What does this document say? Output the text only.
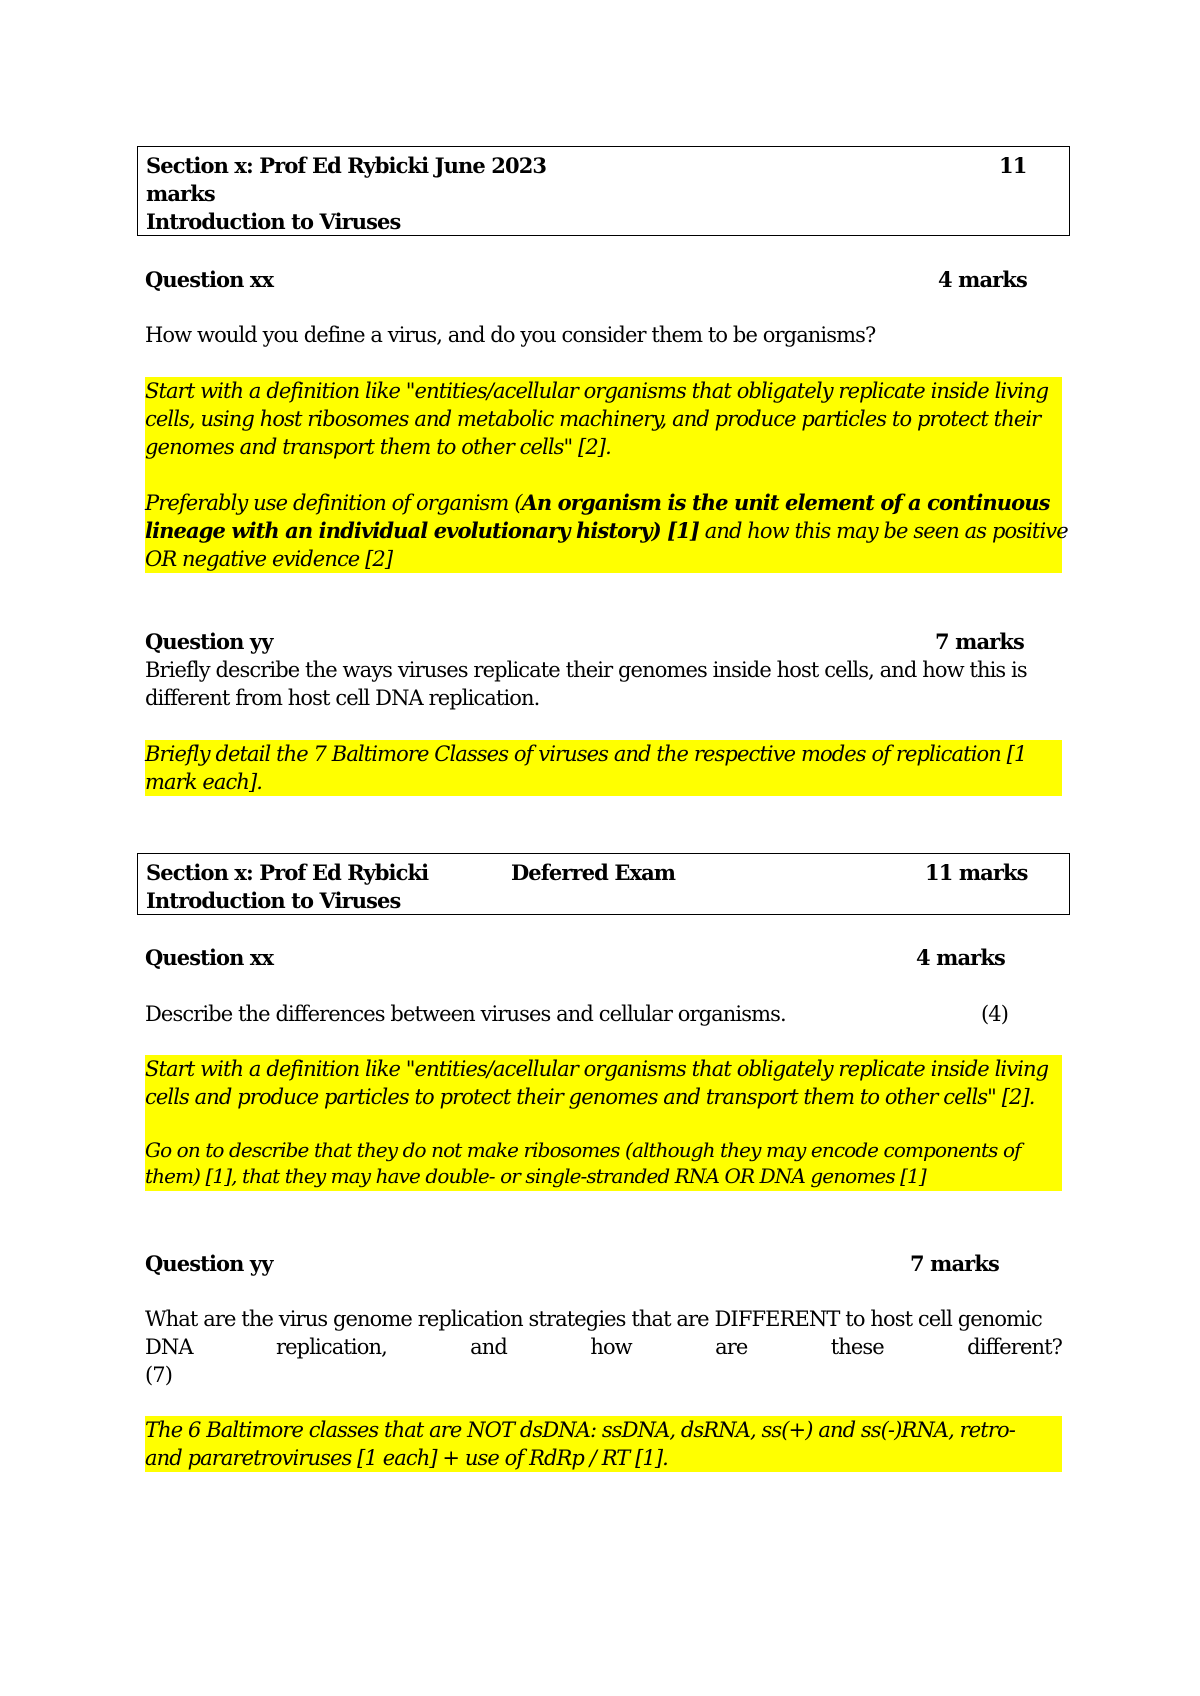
Section x: Prof Ed Rybicki June 2023	11
marks
Introduction to Viruses
Question xx	4 marks
How would you define a virus, and do you consider them to be organisms?
Start with a definition like "entities/acellular organisms that obligately replicate inside living
cells, using host ribosomes and metabolic machinery, and produce particles to protect their
genomes and transport them to other cells" [2].
Preferably use definition of organism (An organism is the unit element of a continuous
lineage with an individual evolutionary history) [1] and how this may be seen as positive
OR negative evidence [2]
Question yy	7 marks
Briefly describe the ways viruses replicate their genomes inside host cells, and how this is
different from host cell DNA replication.
Briefly detail the 7 Baltimore Classes of viruses and the respective modes of replication [1
mark each].
Section x: Prof Ed Rybicki	Deferred Exam	11 marks
Introduction to Viruses
Question xx	4 marks
Describe the differences between viruses and cellular organisms.	(4)
Start with a definition like "entities/acellular organisms that obligately replicate inside living
cells and produce particles to protect their genomes and transport them to other cells" [2].
Go on to describe that they do not make ribosomes (although they may encode components of
them) [1], that they may have double- or single-stranded RNA OR DNA genomes [1]
Question yy	7 marks
What are the virus genome replication strategies that are DIFFERENT to host cell genomic
DNA replication, and how are these different?
(7)
The 6 Baltimore classes that are NOT dsDNA: ssDNA, dsRNA, ss(+) and ss(-)RNA, retro-
and pararetroviruses [1 each] + use of RdRp / RT [1].
